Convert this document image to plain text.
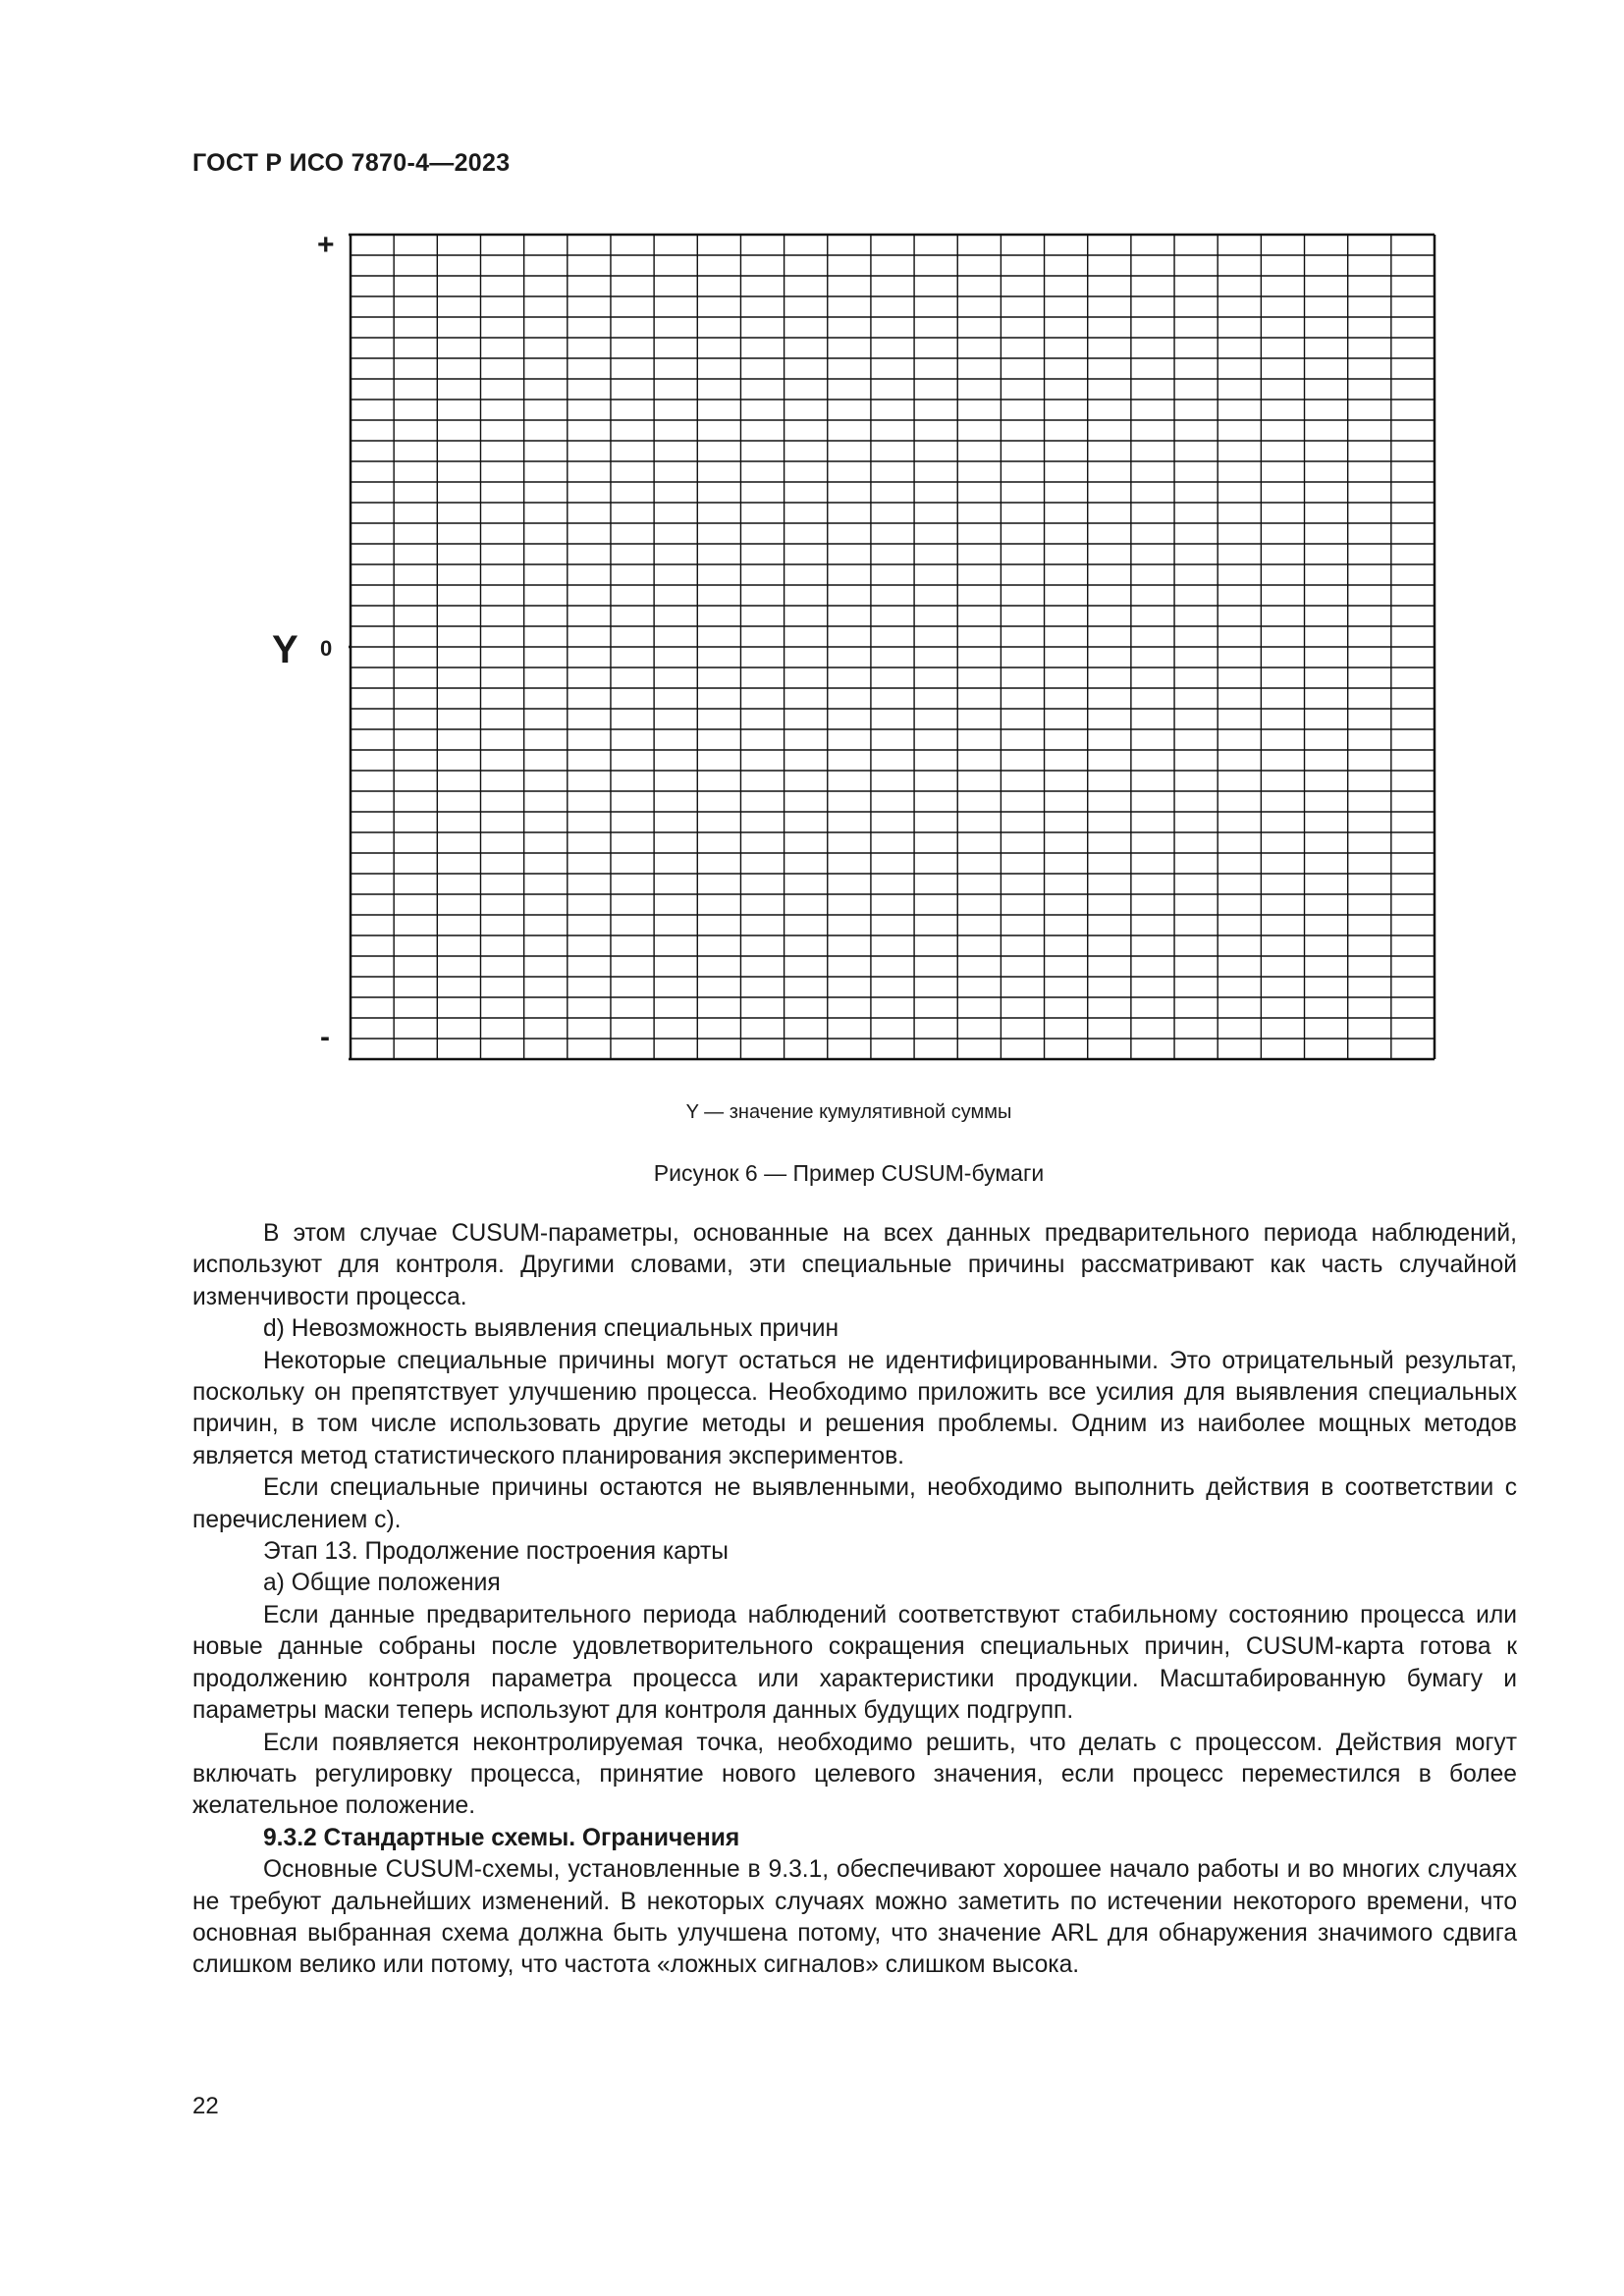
ГОСТ Р ИСО 7870-4—2023
Y
+
0
-
Y — значение кумулятивной суммы
Рисунок 6 — Пример CUSUM-бумаги

В этом случае CUSUM-параметры, основанные на всех данных предварительного периода наблюдений, используют для контроля. Другими словами, эти специальные причины рассматривают как часть случайной изменчивости процесса.

d) Невозможность выявления специальных причин

Некоторые специальные причины могут остаться не идентифицированными. Это отрицательный результат, поскольку он препятствует улучшению процесса. Необходимо приложить все усилия для выявления специальных причин, в том числе использовать другие методы и решения проблемы. Одним из наиболее мощных методов является метод статистического планирования экспериментов.

Если специальные причины остаются не выявленными, необходимо выполнить действия в соответствии с перечислением с).

Этап 13. Продолжение построения карты

а) Общие положения

Если данные предварительного периода наблюдений соответствуют стабильному состоянию процесса или новые данные собраны после удовлетворительного сокращения специальных причин, CUSUM-карта готова к продолжению контроля параметра процесса или характеристики продукции. Масштабированную бумагу и параметры маски теперь используют для контроля данных будущих подгрупп.

Если появляется неконтролируемая точка, необходимо решить, что делать с процессом. Действия могут включать регулировку процесса, принятие нового целевого значения, если процесс переместился в более желательное положение.

9.3.2 Стандартные схемы. Ограничения

Основные CUSUM-схемы, установленные в 9.3.1, обеспечивают хорошее начало работы и во многих случаях не требуют дальнейших изменений. В некоторых случаях можно заметить по истечении некоторого времени, что основная выбранная схема должна быть улучшена потому, что значение ARL для обнаружения значимого сдвига слишком велико или потому, что частота «ложных сигналов» слишком высока.

22
